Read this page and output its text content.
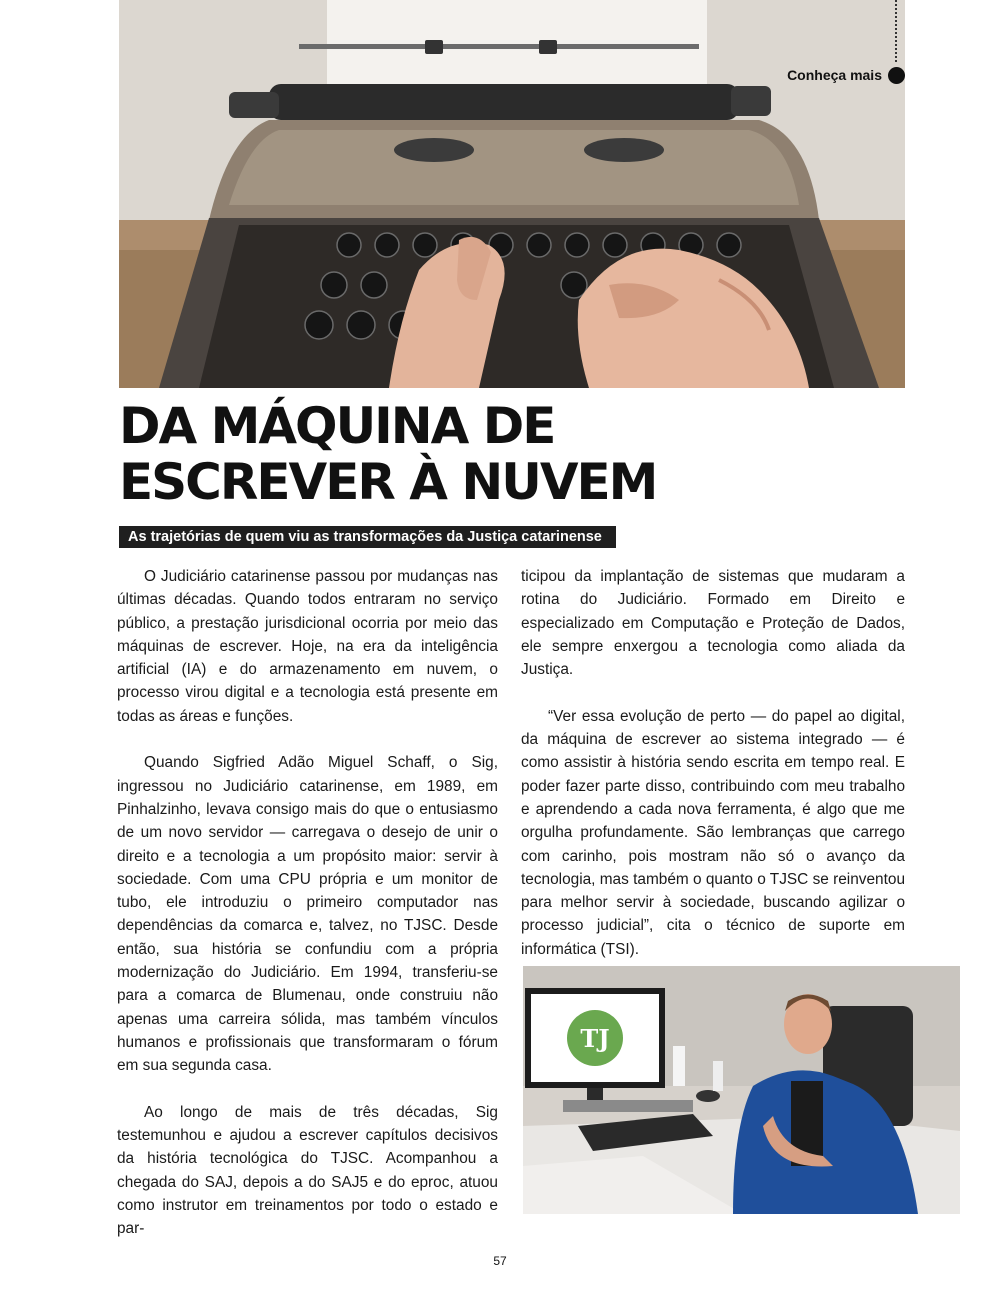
Conheça mais
DA MÁQUINA DE
ESCREVER À NUVEM
As trajetórias de quem viu as transformações da Justiça catarinense

O Judiciário catarinense passou por mudanças nas últimas décadas. Quando todos entraram no serviço público, a prestação jurisdicional ocorria por meio das máquinas de escrever. Hoje, na era da inteligência artificial (IA) e do armazenamento em nuvem, o processo virou digital e a tecnologia está presente em todas as áreas e funções.

Quando Sigfried Adão Miguel Schaff, o Sig, ingressou no Judiciário catarinense, em 1989, em Pinhalzinho, levava consigo mais do que o entusiasmo de um novo servidor — carregava o desejo de unir o direito e a tecnologia a um propósito maior: servir à sociedade. Com uma CPU própria e um monitor de tubo, ele introduziu o primeiro computador nas dependências da comarca e, talvez, no TJSC. Desde então, sua história se confundiu com a própria modernização do Judiciário. Em 1994, transferiu-se para a comarca de Blumenau, onde construiu não apenas uma carreira sólida, mas também vínculos humanos e profissionais que transformaram o fórum em sua segunda casa.

Ao longo de mais de três décadas, Sig testemunhou e ajudou a escrever capítulos decisivos da história tecnológica do TJSC. Acompanhou a chegada do SAJ, depois a do SAJ5 e do eproc, atuou como instrutor em treinamentos por todo o estado e par-

ticipou da implantação de sistemas que mudaram a rotina do Judiciário. Formado em Direito e especializado em Computação e Proteção de Dados, ele sempre enxergou a tecnologia como aliada da Justiça.

“Ver essa evolução de perto — do papel ao digital, da máquina de escrever ao sistema integrado — é como assistir à história sendo escrita em tempo real. E poder fazer parte disso, contribuindo com meu trabalho e aprendendo a cada nova ferramenta, é algo que me orgulha profundamente. São lembranças que carrego com carinho, pois mostram não só o avanço da tecnologia, mas também o quanto o TJSC se reinventou para melhor servir à sociedade, buscando agilizar o processo judicial”, cita o técnico de suporte em informática (TSI).

TJ
57
